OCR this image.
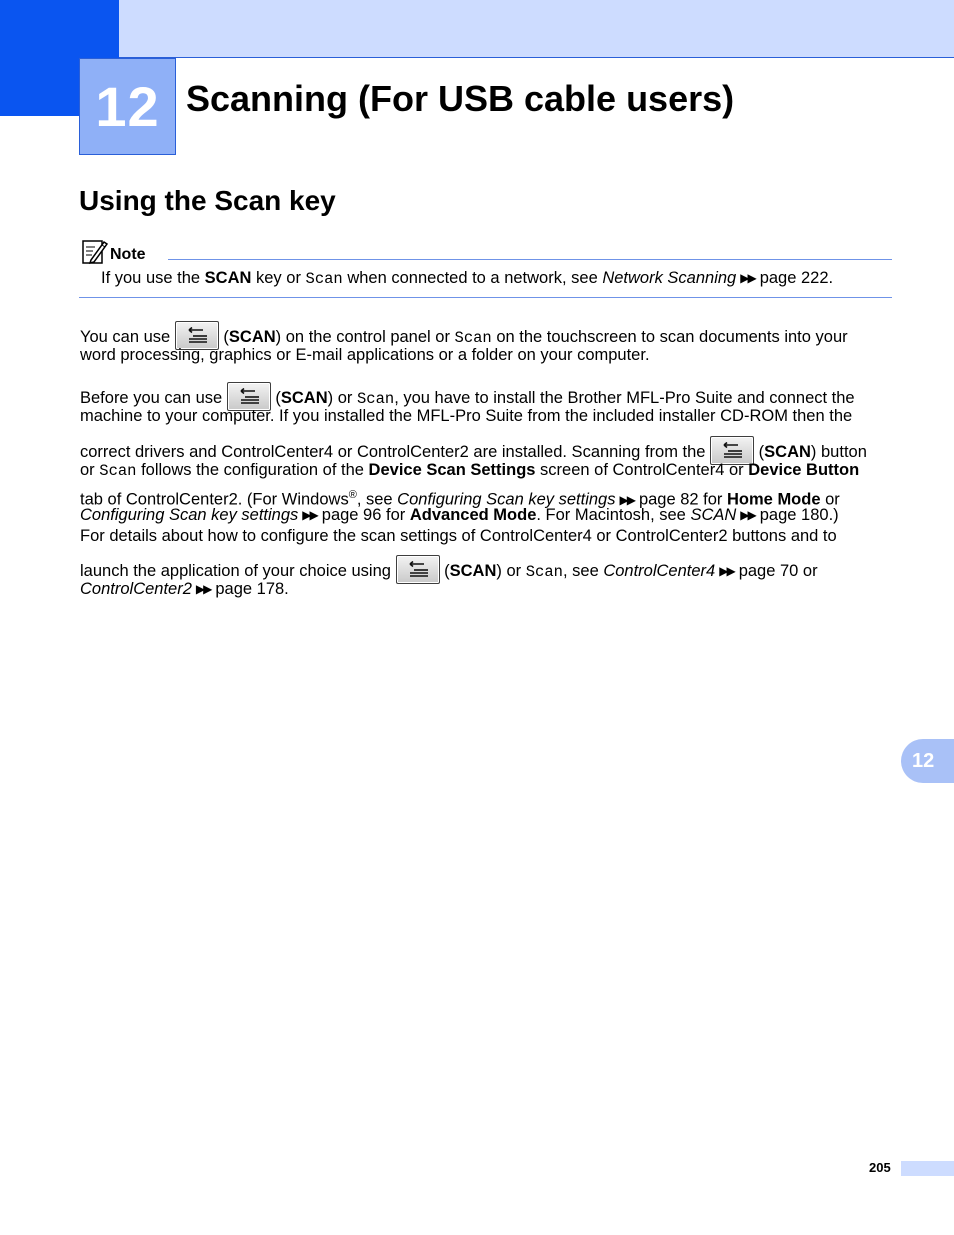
12 Scanning (For USB cable users)
Using the Scan key
Note
If you use the SCAN key or Scan when connected to a network, see Network Scanning ▶▶ page 222.
You can use	(SCAN) on the control panel or Scan on the touchscreen to scan documents into your
word processing, graphics or E-mail applications or a folder on your computer.
Before you can use	(SCAN) or Scan, you have to install the Brother MFL-Pro Suite and connect the
machine to your computer. If you installed the MFL-Pro Suite from the included installer CD-ROM then the
correct drivers and ControlCenter4 or ControlCenter2 are installed. Scanning from the	(SCAN) button
or Scan follows the configuration of the Device Scan Settings screen of ControlCenter4 or Device Button
tab of ControlCenter2. (For Windows®, see Configuring Scan key settings ▶▶ page 82 for Home Mode or
Configuring Scan key settings ▶▶ page 96 for Advanced Mode. For Macintosh, see SCAN ▶▶ page 180.)
For details about how to configure the scan settings of ControlCenter4 or ControlCenter2 buttons and to
launch the application of your choice using	(SCAN) or Scan, see ControlCenter4 ▶▶ page 70 or
ControlCenter2 ▶▶ page 178.
12
205
